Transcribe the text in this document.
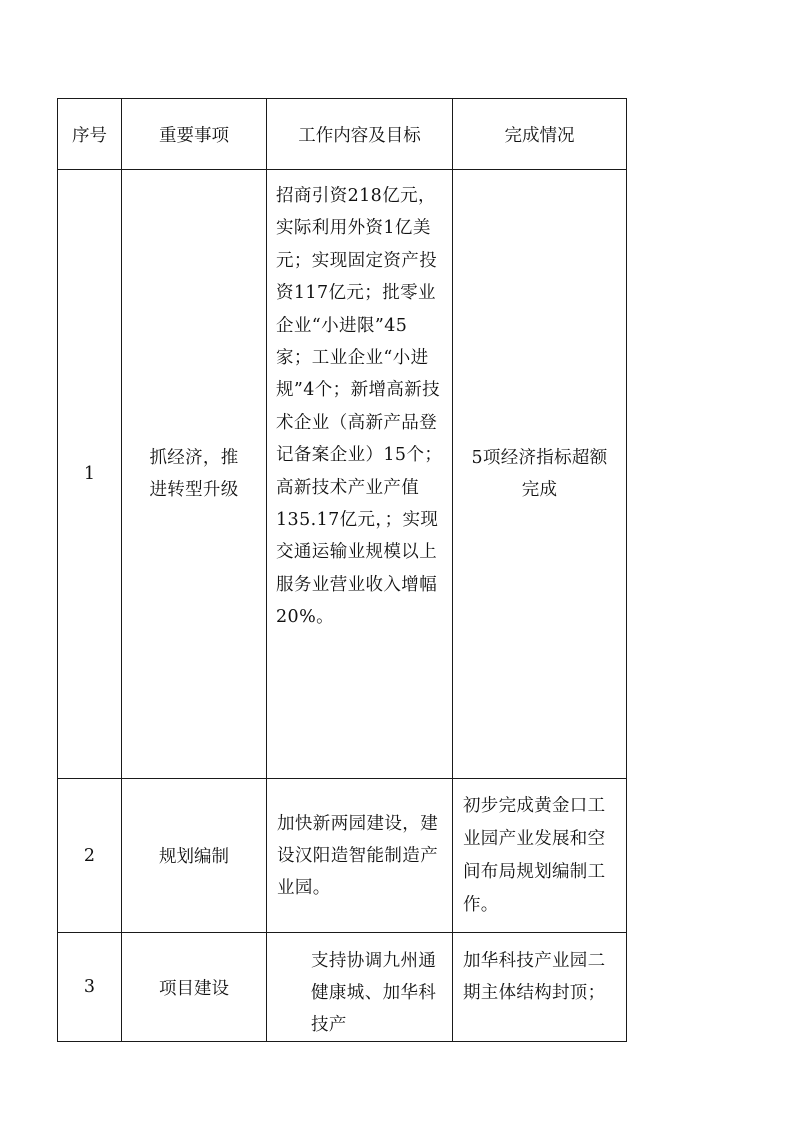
序号	重要事项	工作内容及目标	完成情况
1	抓经济，推进转型升级	招商引资218亿元，实际利用外资1亿美元；实现固定资产投资117亿元；批零业企业“小进限”45家；工业企业“小进规”4个；新增高新技术企业（高新产品登记备案企业）15个；高新技术产业产值135.17亿元，；实现交通运输业规模以上服务业营业收入增幅20%。	5项经济指标超额完成
2	规划编制	加快新两园建设，建设汉阳造智能制造产业园。	初步完成黄金口工业园产业发展和空间布局规划编制工作。
3	项目建设	支持协调九州通健康城、加华科技产	加华科技产业园二期主体结构封顶；
